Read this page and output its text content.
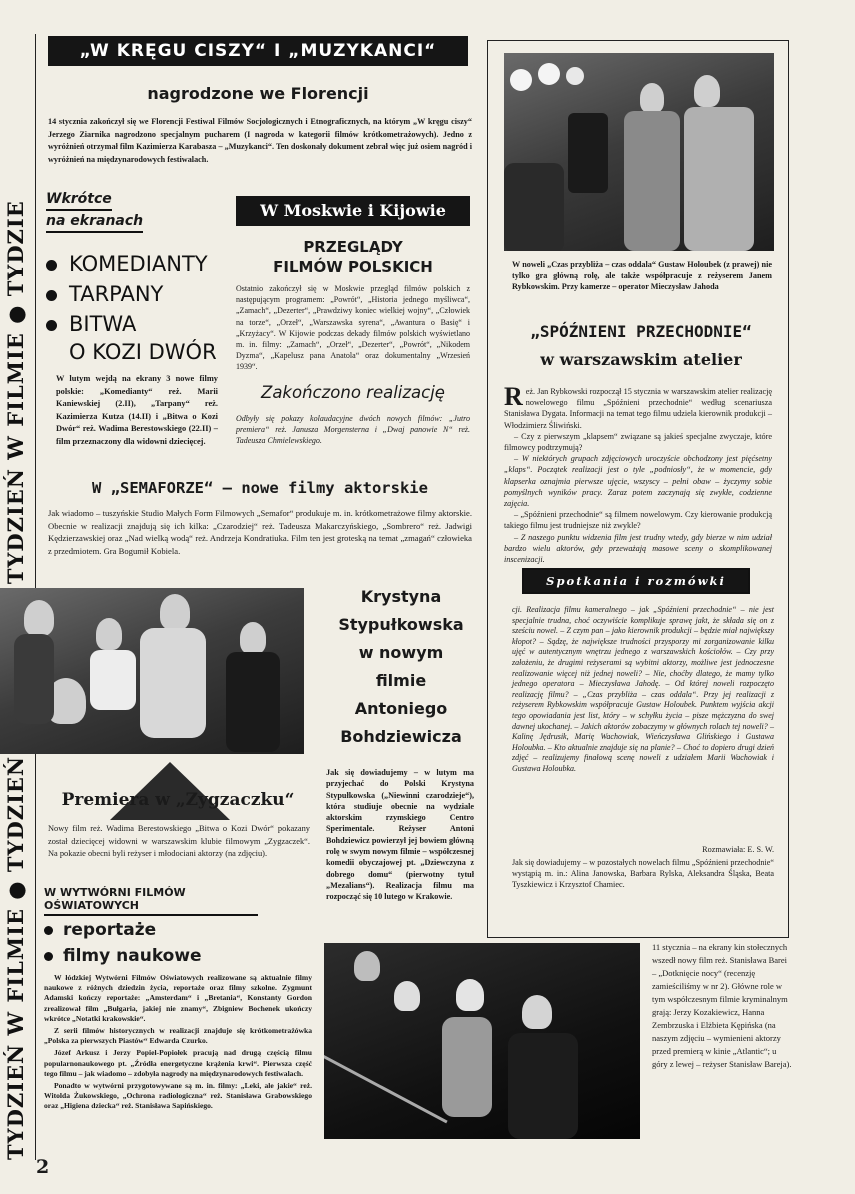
TYDZIEŃ W FILMIE ● TYDZIEŃ TYDZIEŃ W FILMIE ● TYDZIE
„W KRĘGU CISZY“ I „MUZYKANCI“
nagrodzone we Florencji
14 stycznia zakończył się we Florencji Festiwal Filmów Socjologicznych i Etnograficznych, na którym „W kręgu ciszy“ Jerzego Ziarnika nagrodzono specjalnym pucharem (I nagroda w kategorii filmów krótkometrażowych). Jedno z wyróżnień otrzymał film Kazimierza Karabasza – „Muzykanci“. Ten doskonały dokument zebrał więc już osiem nagród i wyróżnień na międzynarodowych festiwalach.
Wkrótce
na ekranach
KOMEDIANTY
TARPANY
BITWA
O KOZI DWÓR
W lutym wejdą na ekrany 3 nowe filmy polskie: „Komedianty“ reż. Marii Kaniewskiej (2.II), „Tarpany“ reż. Kazimierza Kutza (14.II) i „Bitwa o Kozi Dwór“ reż. Wadima Berestowskiego (22.II) – film przeznaczony dla widowni dziecięcej.
W Moskwie i Kijowie
PRZEGLĄDY
FILMÓW POLSKICH
Ostatnio zakończył się w Moskwie przegląd filmów polskich z następującym programem: „Powrót“, „Historia jednego myśliwca“, „Zamach“, „Dezerter“, „Prawdziwy koniec wielkiej wojny“, „Człowiek na torze“, „Orzeł“, „Warszawska syrena“, „Awantura o Basię“ i „Krzyżacy“. W Kijowie podczas dekady filmów polskich wyświetlano m. in. filmy: „Zamach“, „Orzeł“, „Dezerter“, „Powrót“, „Nikodem Dyzma“, „Kapelusz pana Anatola“ oraz dokumentalny „Wrzesień 1939“.
Zakończono realizację
Odbyły się pokazy kolaudacyjne dwóch nowych filmów: „Jutro premiera“ reż. Janusza Morgensterna i „Dwaj panowie N“ reż. Tadeusza Chmielewskiego.
W „SEMAFORZE“ – nowe filmy aktorskie
Jak wiadomo – tuszyńskie Studio Małych Form Filmowych „Semafor“ produkuje m. in. krótkometrażowe filmy aktorskie. Obecnie w realizacji znajdują się ich kilka: „Czarodziej“ reż. Tadeusza Makarczyńskiego, „Sombrero“ reż. Jadwigi Kędzierzawskiej oraz „Nad wielką wodą“ reż. Andrzeja Kondratiuka. Film ten jest groteską na temat „zmagań“ człowieka z przedmiotem. Gra Bogumił Kobiela.
Premiera w „Zygzaczku“
Nowy film reż. Wadima Berestowskiego „Bitwa o Kozi Dwór“ pokazany został dziecięcej widowni w warszawskim klubie filmowym „Zygzaczek“. Na pokazie obecni byli reżyser i młodociani aktorzy (na zdjęciu).
W WYTWÓRNI FILMÓW OŚWIATOWYCH
reportaże
filmy naukowe
W łódzkiej Wytwórni Filmów Oświatowych realizowane są aktualnie filmy naukowe z różnych dziedzin życia, reportaże oraz filmy szkolne. Zygmunt Adamski kończy reportaże: „Amsterdam“ i „Bretania“, Konstanty Gordon zrealizował film „Bułgaria, jakiej nie znamy“, Zbigniew Bochenek ukończy wkrótce „Notatki krakowskie“.
Z serii filmów historycznych w realizacji znajduje się krótkometrażówka „Polska za pierwszych Piastów“ Edwarda Czurko.
Józef Arkusz i Jerzy Popiel-Popiołek pracują nad drugą częścią filmu popularnonaukowego pt. „Źródła energetyczne krążenia krwi“. Pierwsza część tego filmu – jak wiadomo – zdobyła nagrody na międzynarodowych festiwalach.
Ponadto w wytwórni przygotowywane są m. in. filmy: „Leki, ale jakie“ reż. Witolda Żukowskiego, „Ochrona radiologiczna“ reż. Stanisława Grabowskiego oraz „Higiena dziecka“ reż. Stanisława Sapińskiego.
Krystyna
Stypułkowska
w nowym
filmie
Antoniego
Bohdziewicza
Jak się dowiadujemy – w lutym ma przyjechać do Polski Krystyna Stypułkowska („Niewinni czarodzieje“), która studiuje obecnie na wydziale aktorskim rzymskiego Centro Sperimentale. Reżyser Antoni Bohdziewicz powierzył jej bowiem główną rolę w swym nowym filmie – współczesnej komedii obyczajowej pt. „Dziewczyna z dobrego domu“ (pierwotny tytuł „Mezalians“). Realizacja filmu ma rozpocząć się 10 lutego w Krakowie.
W noweli „Czas przybliża – czas oddala“ Gustaw Holoubek (z prawej) nie tylko gra główną rolę, ale także współpracuje z reżyserem Janem Rybkowskim. Przy kamerze – operator Mieczysław Jahoda
„SPÓŹNIENI PRZECHODNIE“
w warszawskim atelier
Reż. Jan Rybkowski rozpoczął 15 stycznia w warszawskim atelier realizację nowelowego filmu „Spóźnieni przechodnie“ według scenariusza Stanisława Dygata. Informacji na temat tego filmu udziela kierownik produkcji – Włodzimierz Śliwiński.
– Czy z pierwszym „klapsem“ związane są jakieś specjalne zwyczaje, które filmowcy podtrzymują?
– W niektórych grupach zdjęciowych uroczyście obchodzony jest pięćsetny „klaps“. Początek realizacji jest o tyle „podniosły“, że w momencie, gdy klapserka oznajmia pierwsze ujęcie, wszyscy – pełni obaw – życzymy sobie pomyślnych wyników pracy. Zaraz potem zaczynają się zwykłe, codzienne zajęcia.
– „Spóźnieni przechodnie“ są filmem nowelowym. Czy kierowanie produkcją takiego filmu jest trudniejsze niż zwykle?
– Z naszego punktu widzenia film jest trudny wtedy, gdy bierze w nim udział bardzo wielu aktorów, gdy przeważają masowe sceny o skomplikowanej inscenizacji.
Spotkania i rozmówki
cji. Realizacja filmu kameralnego – jak „Spóźnieni przechodnie“ – nie jest specjalnie trudna, choć oczywiście komplikuje sprawę jakt, że składa się on z sześciu nowel. – Z czym pan – jako kierownik produkcji – będzie miał największy kłopot? – Sądzę, że największe trudności przysporzy mi zorganizowanie kilku ujęć w autentycznym wnętrzu jednego z warszawskich kościołów. – Czy przy założeniu, że drugimi reżyserami są wybitni aktorzy, możliwe jest jednoczesne realizowanie więcej niż jednej noweli? – Nie, choćby dlatego, że mamy tylko jednego operatora – Mieczysława Jahodę. – Od której noweli rozpoczęto realizację filmu? – „Czas przybliża – czas oddala“. Przy jej realizacji z reżyserem Rybkowskim współpracuje Gustaw Holoubek. Punktem wyjścia akcji tego opowiadania jest list, który – w schyłku życia – pisze mężczyzna do swej dawnej ukochanej. – Jakich aktorów zobaczymy w głównych rolach tej noweli? – Kalinę Jędrusik, Marię Wachowiak, Wieńczysława Glińskiego i Gustawa Holoubka. – Kto aktualnie znajduje się na planie? – Choć to dopiero drugi dzień zdjęć – realizujemy finałową scenę noweli z udziałem Marii Wachowiak i Gustawa Holoubka.
Rozmawiała: E. S. W.
Jak się dowiadujemy – w pozostałych nowelach filmu „Spóźnieni przechodnie“ wystąpią m. in.: Alina Janowska, Barbara Rylska, Aleksandra Śląska, Beata Tyszkiewicz i Krzysztof Chamiec.
11 stycznia – na ekrany kin stołecznych wszedł nowy film reż. Stanisława Barei – „Dotknięcie nocy“ (recenzję zamieściliśmy w nr 2). Główne role w tym współczesnym filmie kryminalnym grają: Jerzy Kozakiewicz, Hanna Zembrzuska i Elżbieta Kępińska (na naszym zdjęciu – wymienieni aktorzy przed premierą w kinie „Atlantic“; u góry z lewej – reżyser Stanisław Bareja).
2
